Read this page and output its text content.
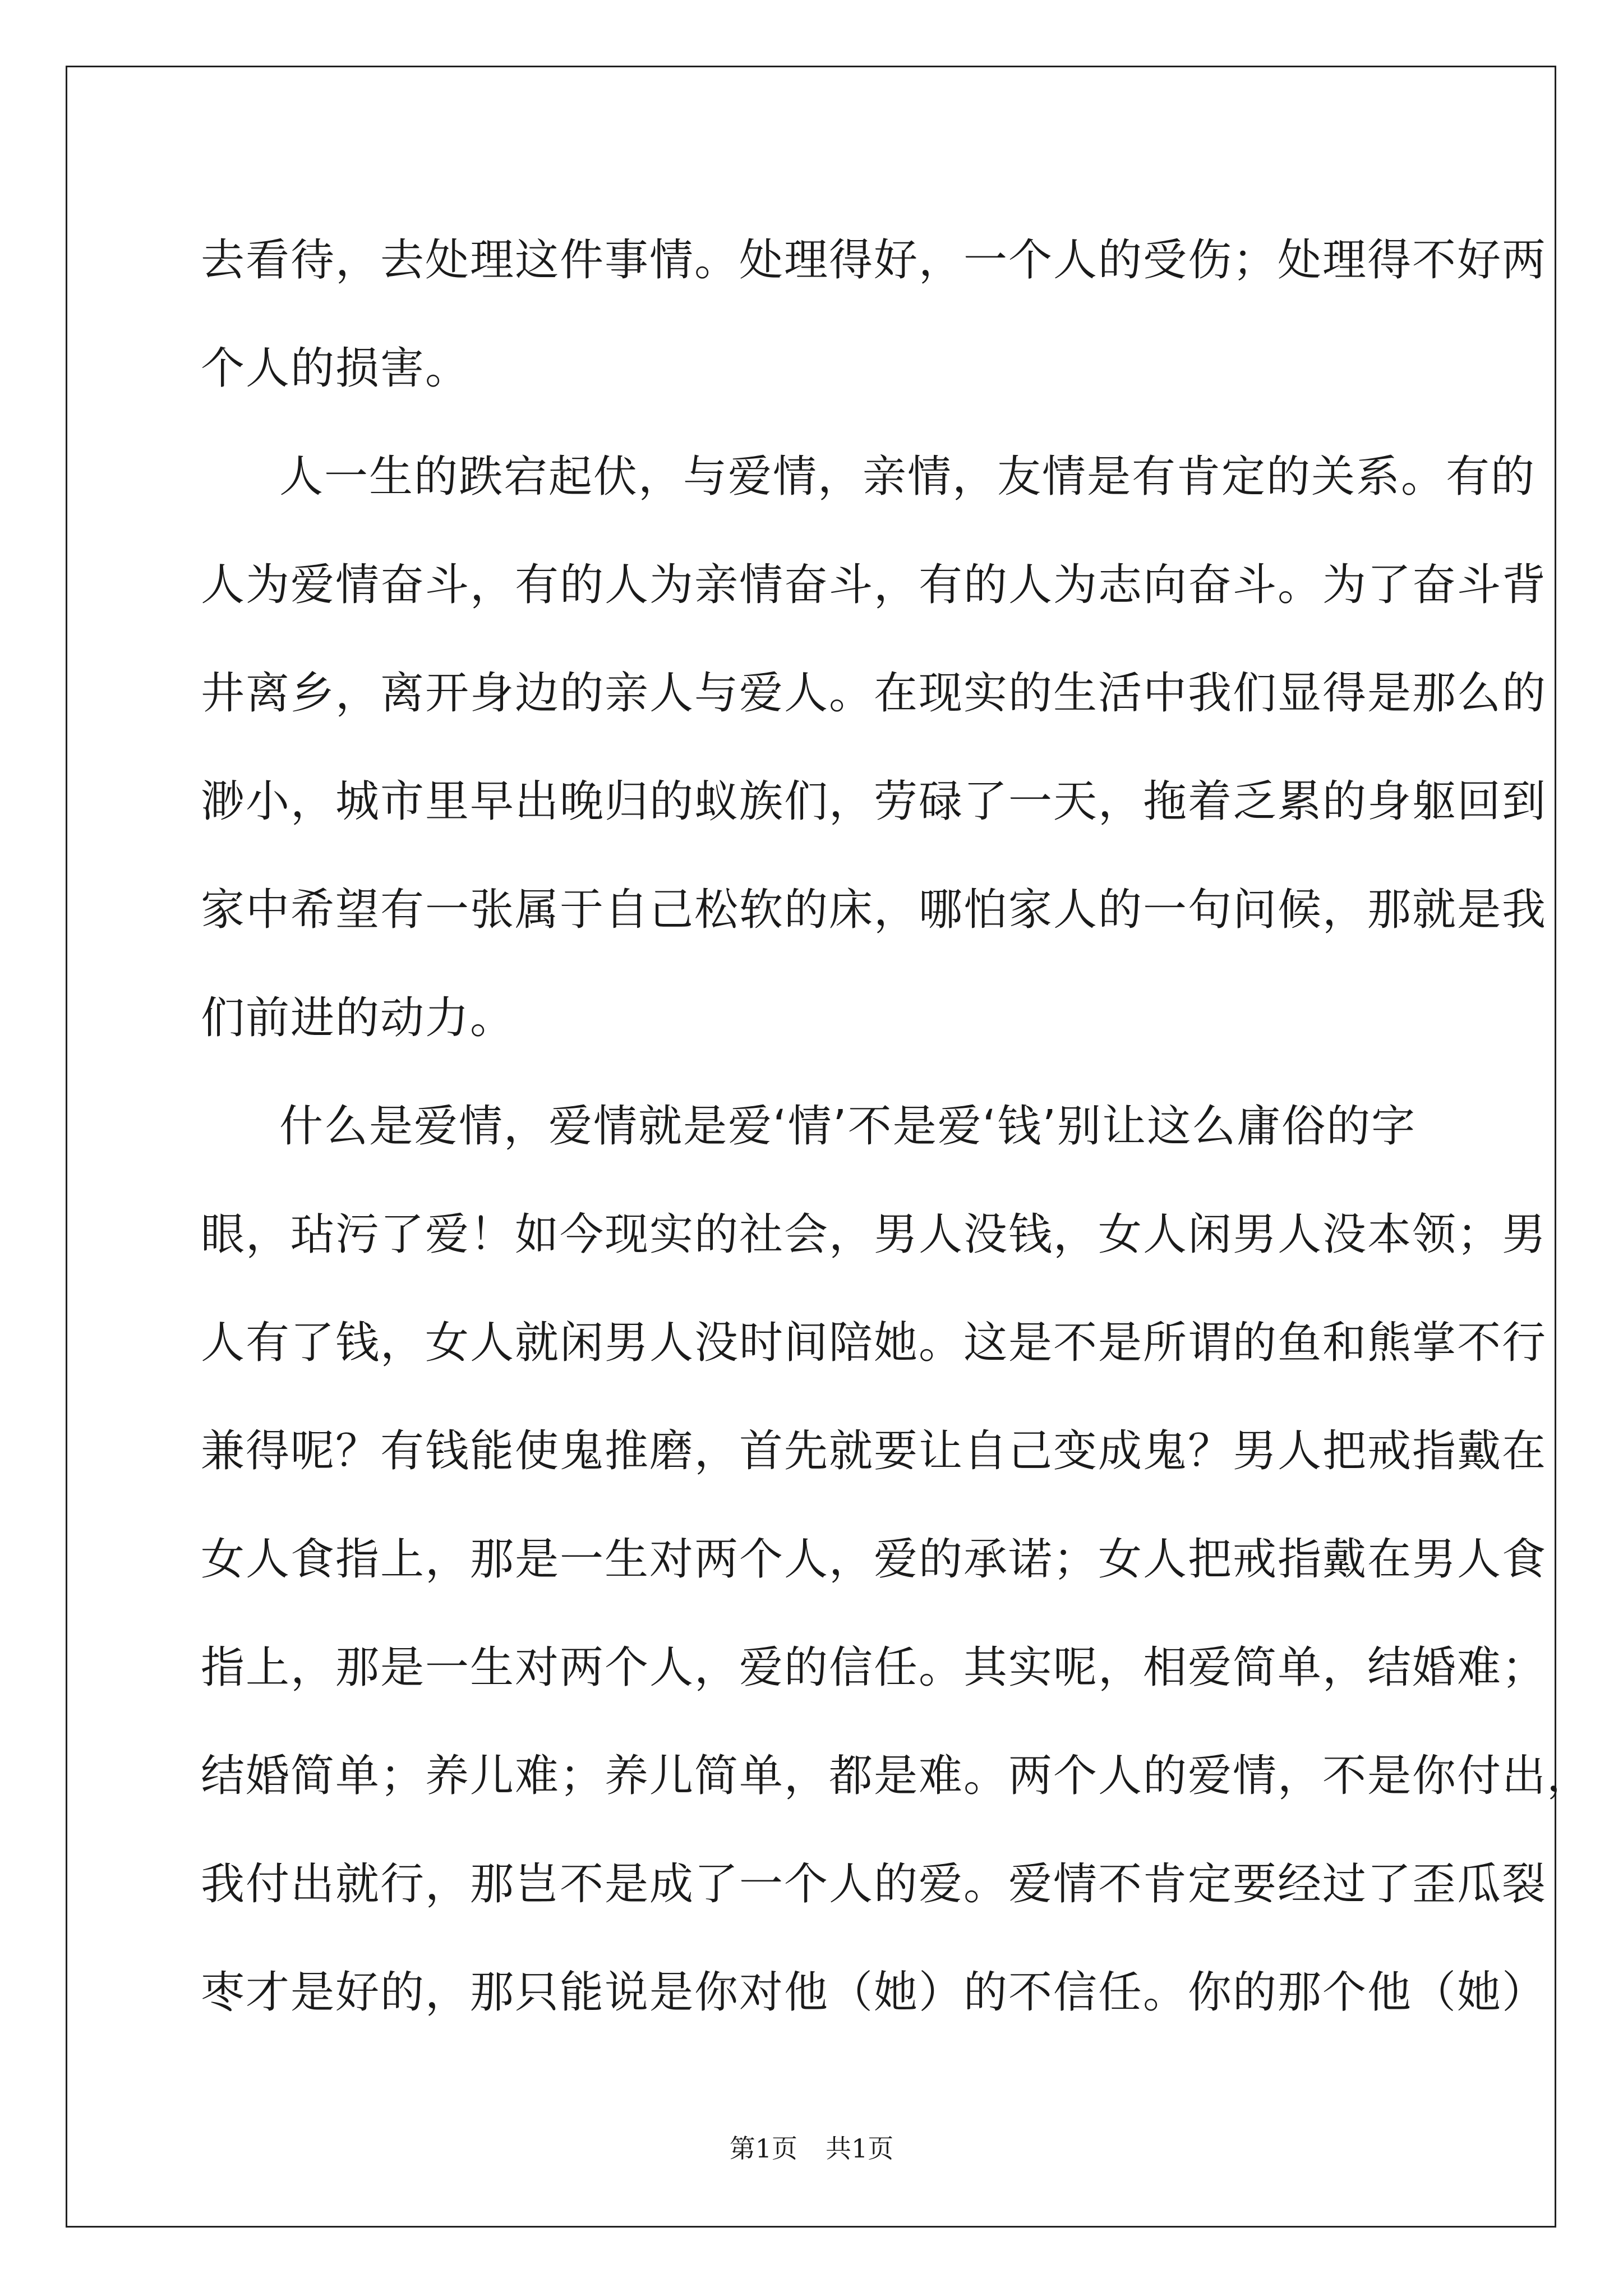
去看待，去处理这件事情。处理得好，一个人的受伤；处理得不好两
个人的损害。
人一生的跌宕起伏，与爱情，亲情，友情是有肯定的关系。有的
人为爱情奋斗，有的人为亲情奋斗，有的人为志向奋斗。为了奋斗背
井离乡，离开身边的亲人与爱人。在现实的生活中我们显得是那么的
渺小，城市里早出晚归的蚁族们，劳碌了一天，拖着乏累的身躯回到
家中希望有一张属于自己松软的床，哪怕家人的一句问候，那就是我
们前进的动力。
什么是爱情，爱情就是爱‘情’不是爱‘钱’别让这么庸俗的字
眼，玷污了爱！如今现实的社会，男人没钱，女人闲男人没本领；男
人有了钱，女人就闲男人没时间陪她。这是不是所谓的鱼和熊掌不行
兼得呢？有钱能使鬼推磨，首先就要让自己变成鬼？男人把戒指戴在
女人食指上，那是一生对两个人，爱的承诺；女人把戒指戴在男人食
指上，那是一生对两个人，爱的信任。其实呢，相爱简单，结婚难；
结婚简单；养儿难；养儿简单，都是难。两个人的爱情，不是你付出，
我付出就行，那岂不是成了一个人的爱。爱情不肯定要经过了歪瓜裂
枣才是好的，那只能说是你对他（她）的不信任。你的那个他（她）
第1页 共1页
